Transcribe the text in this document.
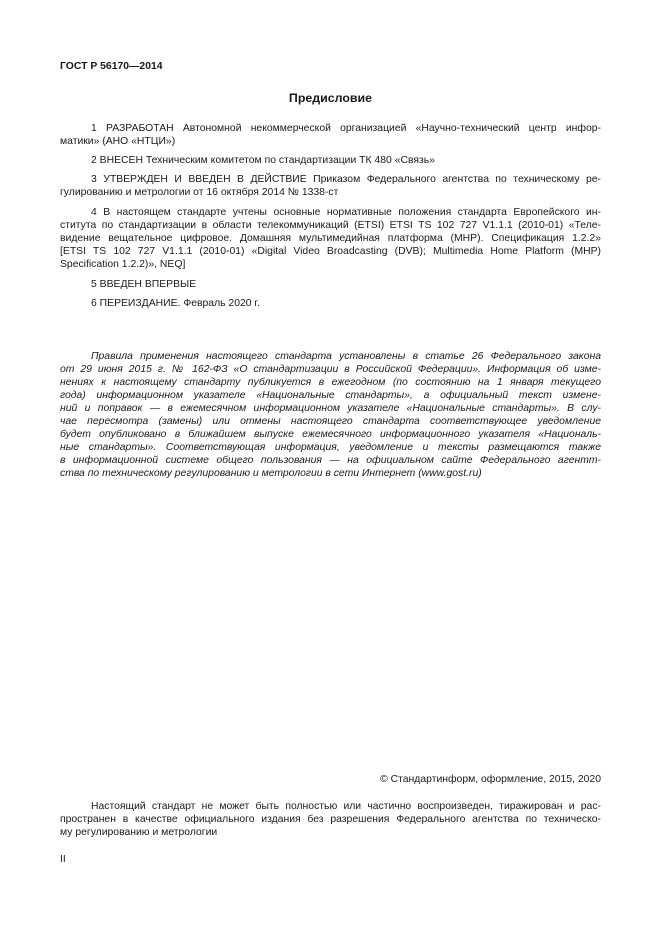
ГОСТ Р 56170—2014

Предисловие

1 РАЗРАБОТАН Автономной некоммерческой организацией «Научно-технический центр инфор-

матики» (АНО «НТЦИ»)

2 ВНЕСЕН Техническим комитетом по стандартизации ТК 480 «Связь»

3 УТВЕРЖДЕН И ВВЕДЕН В ДЕЙСТВИЕ Приказом Федерального агентства по техническому ре-

гулированию и метрологии от 16 октября 2014 № 1338-ст

4 В настоящем стандарте учтены основные нормативные положения стандарта Европейского ин-

ститута по стандартизации в области телекоммуникаций (ETSI) ETSI TS 102 727 V1.1.1 (2010-01) «Теле-

видение вещательное цифровое. Домашняя мультимедийная платформа (МНР). Спецификация 1.2.2»

[ETSI TS 102 727 V1.1.1 (2010-01) «Digital Video Broadcasting (DVB); Multimedia Home Platform (MHP)

Specification 1.2.2)», NEQ]

5 ВВЕДЕН ВПЕРВЫЕ

6 ПЕРЕИЗДАНИЕ. Февраль 2020 г.

Правила применения настоящего стандарта установлены в статье 26 Федерального закона

от 29 июня 2015 г. № 162-ФЗ «О стандартизации в Российской Федерации». Информация об изме-

нениях к настоящему стандарту публикуется в ежегодном (по состоянию на 1 января текущего

года) информационном указателе «Национальные стандарты», а официальный текст измене-

ний и поправок — в ежемесячном информационном указателе «Национальные стандарты». В слу-

чае пересмотра (замены) или отмены настоящего стандарта соответствующее уведомление

будет опубликовано в ближайшем выпуске ежемесячного информационного указателя «Националь-

ные стандарты». Соответствующая информация, уведомление и тексты размещаются также

в информационной системе общего пользования — на официальном сайте Федерального агентт-

ства по техническому регулированию и метрологии в сети Интернет (www.gost.ru)

© Стандартинформ, оформление, 2015, 2020

Настоящий стандарт не может быть полностью или частично воспроизведен, тиражирован и рас-

пространен в качестве официального издания без разрешения Федерального агентства по техническо-

му регулированию и метрологии

II
